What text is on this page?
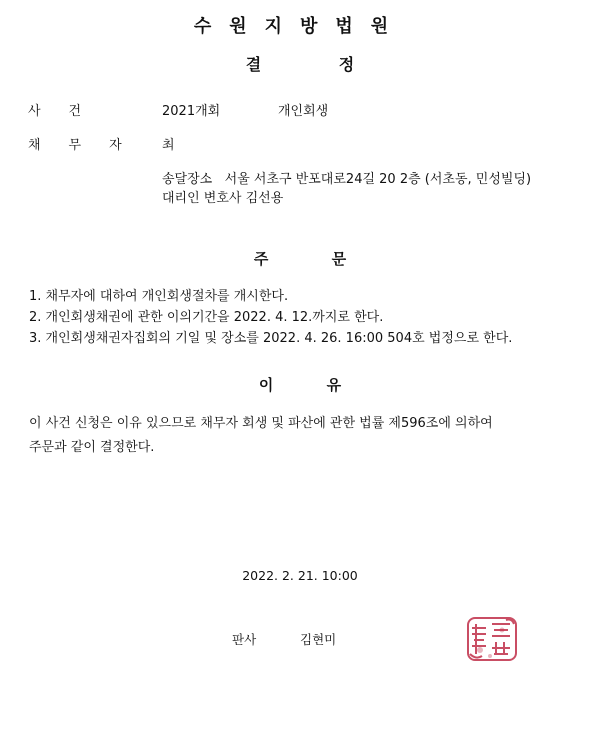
수원지방법원
결 정
사건	2021개회	개인회생
채무자 최
송달장소 서울 서초구 반포대로24길 20 2층 (서초동, 민성빌딩)
대리인 변호사 김선용
주 문
1. 채무자에 대하여 개인회생절차를 개시한다.
2. 개인회생채권에 관한 이의기간을 2022. 4. 12.까지로 한다.
3. 개인회생채권자집회의 기일 및 장소를 2022. 4. 26. 16:00 504호 법정으로 한다.
이 유
이 사건 신청은 이유 있으므로 채무자 회생 및 파산에 관한 법률 제596조에 의하여
주문과 같이 결정한다.
2022. 2. 21. 10:00
판사	김현미
